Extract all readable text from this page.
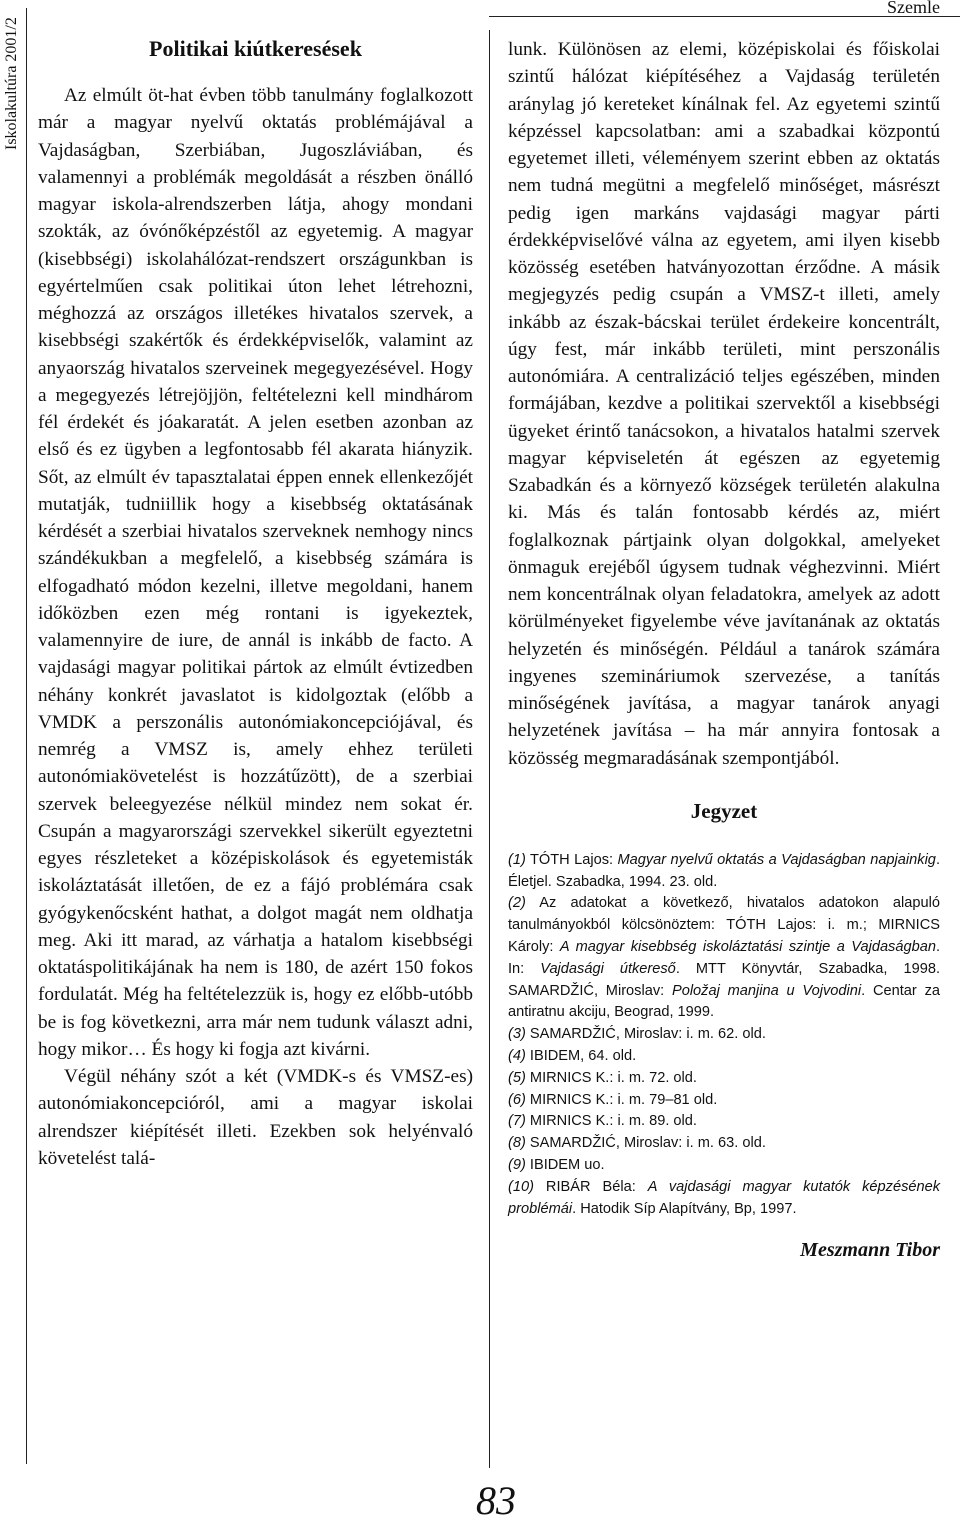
Iskolakultúra 2001/2
Szemle
Politikai kiútkeresések

Az elmúlt öt-hat évben több tanulmány foglalkozott már a magyar nyelvű oktatás problémájával a Vajdaságban, Szerbiában, Jugoszláviában, és valamennyi a problémák megoldását a részben önálló magyar iskola-alrendszerben látja, ahogy mondani szokták, az óvónőképzéstől az egyetemig. A magyar (kisebbségi) iskolahálózat-rendszert országunkban is egyértelműen csak politikai úton lehet létrehozni, méghozzá az országos illetékes hivatalos szervek, a kisebbségi szakértők és érdekképviselők, valamint az anyaország hivatalos szerveinek megegyezésével. Hogy a megegyezés létrejöjjön, feltételezni kell mindhárom fél érdekét és jóakaratát. A jelen esetben azonban az első és ez ügyben a legfontosabb fél akarata hiányzik. Sőt, az elmúlt év tapasztalatai éppen ennek ellenkezőjét mutatják, tudniillik hogy a kisebbség oktatásának kérdését a szerbiai hivatalos szerveknek nemhogy nincs szándékukban a megfelelő, a kisebbség számára is elfogadható módon kezelni, illetve megoldani, hanem időközben ezen még rontani is igyekeztek, valamennyire de iure, de annál is inkább de facto. A vajdasági magyar politikai pártok az elmúlt évtizedben néhány konkrét javaslatot is kidolgoztak (előbb a VMDK a perszonális autonómiakoncepciójával, és nemrég a VMSZ is, amely ehhez területi autonómiakövetelést is hozzátűzött), de a szerbiai szervek beleegyezése nélkül mindez nem sokat ér. Csupán a magyarországi szervekkel sikerült egyeztetni egyes részleteket a középiskolások és egyetemisták iskoláztatását illetően, de ez a fájó problémára csak gyógykenőcsként hathat, a dolgot magát nem oldhatja meg. Aki itt marad, az várhatja a hatalom kisebbségi oktatáspolitikájának ha nem is 180, de azért 150 fokos fordulatát. Még ha feltételezzük is, hogy ez előbb-utóbb be is fog következni, arra már nem tudunk választ adni, hogy mikor… És hogy ki fogja azt kivárni.

Végül néhány szót a két (VMDK-s és VMSZ-es) autonómiakoncepcióról, ami a magyar iskolai alrendszer kiépítését illeti. Ezekben sok helyénvaló követelést talá-

lunk. Különösen az elemi, középiskolai és főiskolai szintű hálózat kiépítéséhez a Vajdaság területén aránylag jó kereteket kínálnak fel. Az egyetemi szintű képzéssel kapcsolatban: ami a szabadkai központú egyetemet illeti, véleményem szerint ebben az oktatás nem tudná megütni a megfelelő minőséget, másrészt pedig igen markáns vajdasági magyar párti érdekképviselővé válna az egyetem, ami ilyen kisebb közösség esetében hatványozottan érződne. A másik megjegyzés pedig csupán a VMSZ-t illeti, amely inkább az észak-bácskai terület érdekeire koncentrált, úgy fest, már inkább területi, mint perszonális autonómiára. A centralizáció teljes egészében, minden formájában, kezdve a politikai szervektől a kisebbségi ügyeket érintő tanácsokon, a hivatalos hatalmi szervek magyar képviseletén át egészen az egyetemig Szabadkán és a környező községek területén alakulna ki. Más és talán fontosabb kérdés az, miért foglalkoznak pártjaink olyan dolgokkal, amelyeket önmaguk erejéből úgysem tudnak véghezvinni. Miért nem koncentrálnak olyan feladatokra, amelyek az adott körülményeket figyelembe véve javítanának az oktatás helyzetén és minőségén. Például a tanárok számára ingyenes szemináriumok szervezése, a tanítás minőségének javítása, a magyar tanárok anyagi helyzetének javítása – ha már annyira fontosak a közösség megmaradásának szempontjából.

Jegyzet

(1) TÓTH Lajos: Magyar nyelvű oktatás a Vajdaságban napjainkig. Életjel. Szabadka, 1994. 23. old.

(2) Az adatokat a következő, hivatalos adatokon alapuló tanulmányokból kölcsönöztem: TÓTH Lajos: i. m.; MIRNICS Károly: A magyar kisebbség iskoláztatási szintje a Vajdaságban. In: Vajdasági útkereső. MTT Könyvtár, Szabadka, 1998. SAMARDŽIĆ, Miroslav: Položaj manjina u Vojvodini. Centar za antiratnu akciju, Beograd, 1999.

(3) SAMARDŽIĆ, Miroslav: i. m. 62. old.

(4) IBIDEM, 64. old.

(5) MIRNICS K.: i. m. 72. old.

(6) MIRNICS K.: i. m. 79–81 old.

(7) MIRNICS K.: i. m. 89. old.

(8) SAMARDŽIĆ, Miroslav: i. m. 63. old.

(9) IBIDEM uo.

(10) RIBÁR Béla: A vajdasági magyar kutatók képzésének problémái. Hatodik Síp Alapítvány, Bp, 1997.

Meszmann Tibor
83
